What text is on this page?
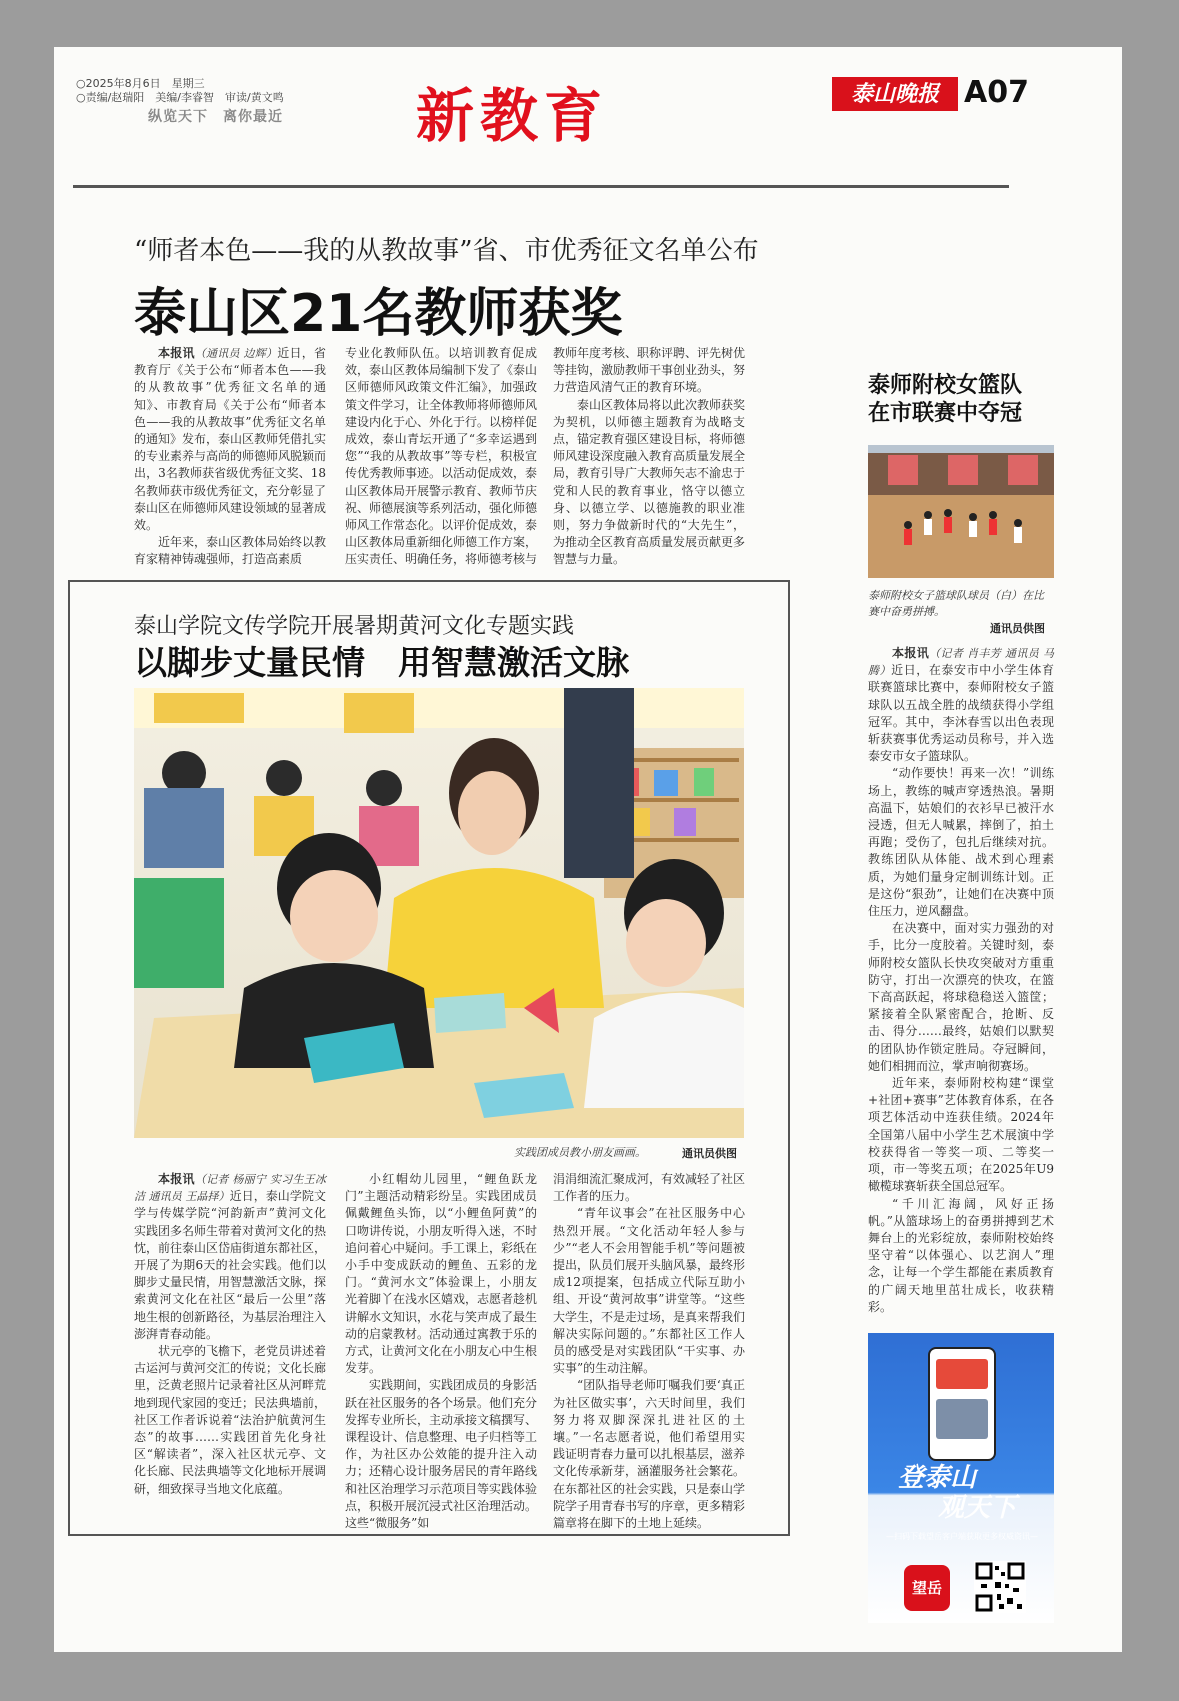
○2025年8月6日　星期三
○责编/赵瑞阳　美编/李睿智　审读/黄文鸣
纵览天下　离你最近	新教育	泰山晚报 A07
“师者本色——我的从教故事”省、市优秀征文名单公布
泰山区21名教师获奖

本报讯（通讯员 边辉）近日，省教育厅《关于公布“师者本色——我的从教故事”优秀征文名单的通知》、市教育局《关于公布“师者本色——我的从教故事”优秀征文名单的通知》发布，泰山区教师凭借扎实的专业素养与高尚的师德师风脱颖而出，3名教师获省级优秀征文奖、18名教师获市级优秀征文，充分彰显了泰山区在师德师风建设领域的显著成效。

近年来，泰山区教体局始终以教育家精神铸魂强师，打造高素质

专业化教师队伍。以培训教育促成效，泰山区教体局编制下发了《泰山区师德师风政策文件汇编》，加强政策文件学习，让全体教师将师德师风建设内化于心、外化于行。以榜样促成效，泰山青坛开通了“多幸运遇到您”“我的从教故事”等专栏，积极宣传优秀教师事迹。以活动促成效，泰山区教体局开展警示教育、教师节庆祝、师德展演等系列活动，强化师德师风工作常态化。以评价促成效，泰山区教体局重新细化师德工作方案，压实责任、明确任务，将师德考核与

教师年度考核、职称评聘、评先树优等挂钩，激励教师干事创业劲头，努力营造风清气正的教育环境。

泰山区教体局将以此次教师获奖为契机，以师德主题教育为战略支点，锚定教育强区建设目标，将师德师风建设深度融入教育高质量发展全局，教育引导广大教师矢志不渝忠于党和人民的教育事业，恪守以德立身、以德立学、以德施教的职业准则，努力争做新时代的“大先生”，为推动全区教育高质量发展贡献更多智慧与力量。

泰山学院文传学院开展暑期黄河文化专题实践
以脚步丈量民情　用智慧激活文脉
实践团成员教小朋友画画。	通讯员供图

本报讯（记者 杨丽宁 实习生王冰洁 通讯员 王晶择）近日，泰山学院文学与传媒学院“河韵新声”黄河文化实践团多名师生带着对黄河文化的热忱，前往泰山区岱庙街道东都社区，开展了为期6天的社会实践。他们以脚步丈量民情，用智慧激活文脉，探索黄河文化在社区“最后一公里”落地生根的创新路径，为基层治理注入澎湃青春动能。

状元亭的飞檐下，老党员讲述着古运河与黄河交汇的传说；文化长廊里，泛黄老照片记录着社区从河畔荒地到现代家园的变迁；民法典墙前，社区工作者诉说着“法治护航黄河生态”的故事……实践团首先化身社区“解读者”，深入社区状元亭、文化长廊、民法典墙等文化地标开展调研，细致探寻当地文化底蕴。

小红帽幼儿园里，“鲤鱼跃龙门”主题活动精彩纷呈。实践团成员佩戴鲤鱼头饰，以“小鲤鱼阿黄”的口吻讲传说，小朋友听得入迷，不时追问着心中疑问。手工课上，彩纸在小手中变成跃动的鲤鱼、五彩的龙门。“黄河水文”体验课上，小朋友光着脚丫在浅水区嬉戏，志愿者趁机讲解水文知识，水花与笑声成了最生动的启蒙教材。活动通过寓教于乐的方式，让黄河文化在小朋友心中生根发芽。

实践期间，实践团成员的身影活跃在社区服务的各个场景。他们充分发挥专业所长，主动承接文稿撰写、课程设计、信息整理、电子归档等工作，为社区办公效能的提升注入动力；还精心设计服务居民的青年路线和社区治理学习示范项目等实践体验点，积极开展沉浸式社区治理活动。这些“微服务”如

涓涓细流汇聚成河，有效减轻了社区工作者的压力。

“青年议事会”在社区服务中心热烈开展。“文化活动年轻人参与少”“老人不会用智能手机”等问题被提出，队员们展开头脑风暴，最终形成12项提案，包括成立代际互助小组、开设“黄河故事”讲堂等。“这些大学生，不是走过场，是真来帮我们解决实际问题的。”东都社区工作人员的感受是对实践团队“干实事、办实事”的生动注解。

“团队指导老师叮嘱我们要‘真正为社区做实事’，六天时间里，我们努力将双脚深深扎进社区的土壤。”一名志愿者说，他们希望用实践证明青春力量可以扎根基层，滋养文化传承新芽，涵灌服务社会繁花。在东都社区的社会实践，只是泰山学院学子用青春书写的序章，更多精彩篇章将在脚下的土地上延续。

泰师附校女篮队
在市联赛中夺冠
泰师附校女子篮球队球员（白）在比赛中奋勇拼搏。
通讯员供图

本报讯（记者 肖丰芳 通讯员 马腾）近日，在泰安市中小学生体育联赛篮球比赛中，泰师附校女子篮球队以五战全胜的战绩获得小学组冠军。其中，李沐春雪以出色表现斩获赛事优秀运动员称号，并入选泰安市女子篮球队。

“动作要快！再来一次！”训练场上，教练的喊声穿透热浪。暑期高温下，姑娘们的衣衫早已被汗水浸透，但无人喊累，摔倒了，拍土再跑；受伤了，包扎后继续对抗。教练团队从体能、战术到心理素质，为她们量身定制训练计划。正是这份“狠劲”，让她们在决赛中顶住压力，逆风翻盘。

在决赛中，面对实力强劲的对手，比分一度胶着。关键时刻，泰师附校女篮队长快攻突破对方重重防守，打出一次漂亮的快攻，在篮下高高跃起，将球稳稳送入篮筐；紧接着全队紧密配合，抢断、反击、得分……最终，姑娘们以默契的团队协作锁定胜局。夺冠瞬间，她们相拥而泣，掌声响彻赛场。

近年来，泰师附校构建“课堂+社团+赛事”艺体教育体系，在各项艺体活动中连获佳绩。2024年全国第八届中小学生艺术展演中学校获得省一等奖一项、二等奖一项，市一等奖五项；在2025年U9橄榄球赛斩获全国总冠军。

“千川汇海阔，风好正扬帆。”从篮球场上的奋勇拼搏到艺术舞台上的光彩绽放，泰师附校始终坚守着“以体强心、以艺润人”理念，让每一个学生都能在素质教育的广阔天地里茁壮成长，收获精彩。

登泰山
观天下
—扫码下载望岳客户端获取更多权威资讯—
望岳
